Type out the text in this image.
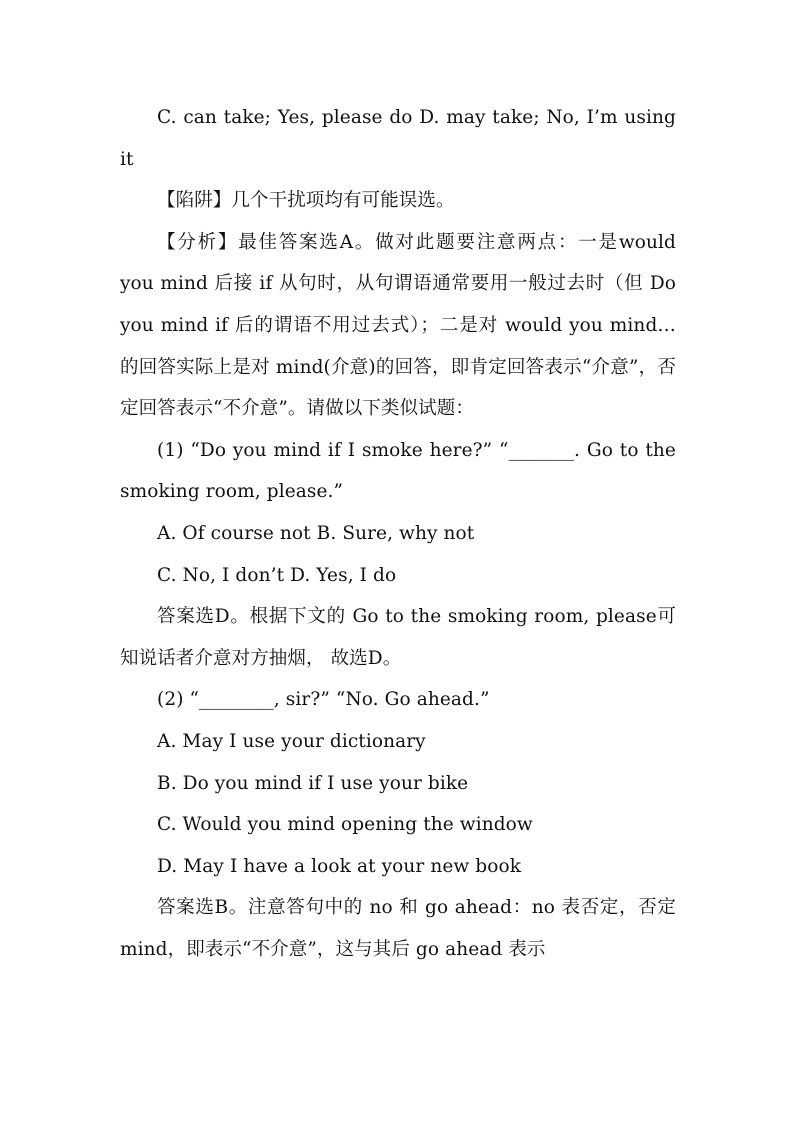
C. can take; Yes, please do D. may take; No, I’m using it

【陷阱】几个干扰项均有可能误选。

【分析】最佳答案选A。做对此题要注意两点：一是would you mind 后接 if 从句时，从句谓语通常要用一般过去时（但 Do you mind if 后的谓语不用过去式）；二是对 would you mind… 的回答实际上是对 mind(介意)的回答，即肯定回答表示“介意”，否定回答表示“不介意”。请做以下类似试题：

(1) “Do you mind if I smoke here?” “_______. Go to the smoking room, please.”

A. Of course not B. Sure, why not

C. No, I don’t D. Yes, I do

答案选D。根据下文的 Go to the smoking room, please可知说话者介意对方抽烟， 故选D。

(2) “________, sir?” “No. Go ahead.”

A. May I use your dictionary

B. Do you mind if I use your bike

C. Would you mind opening the window

D. May I have a look at your new book

答案选B。注意答句中的 no 和 go ahead：no 表否定，否定 mind，即表示“不介意”，这与其后 go ahead 表示
